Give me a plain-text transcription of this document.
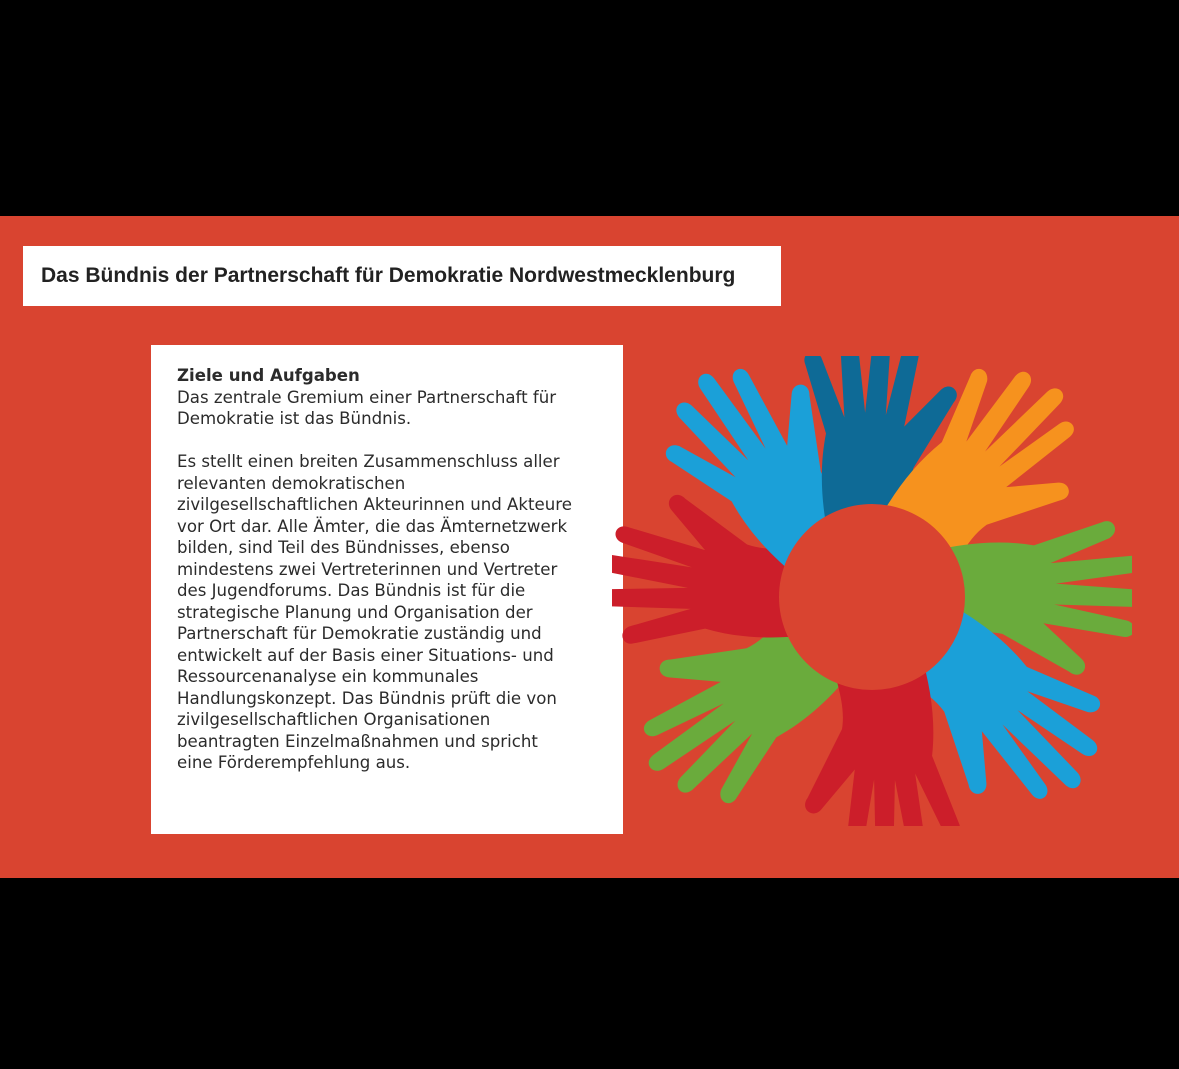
Das Bündnis der Partnerschaft für Demokratie Nordwestmecklenburg
Ziele und Aufgaben

Das zentrale Gremium einer Partnerschaft für
Demokratie ist das Bündnis.

Es stellt einen breiten Zusammenschluss aller
relevanten demokratischen
zivilgesellschaftlichen Akteurinnen und Akteure
vor Ort dar. Alle Ämter, die das Ämternetzwerk
bilden, sind Teil des Bündnisses, ebenso
mindestens zwei Vertreterinnen und Vertreter
des Jugendforums. Das Bündnis ist für die
strategische Planung und Organisation der
Partnerschaft für Demokratie zuständig und
entwickelt auf der Basis einer Situations- und
Ressourcenanalyse ein kommunales
Handlungskonzept. Das Bündnis prüft die von
zivilgesellschaftlichen Organisationen
beantragten Einzelmaßnahmen und spricht
eine Förderempfehlung aus.
